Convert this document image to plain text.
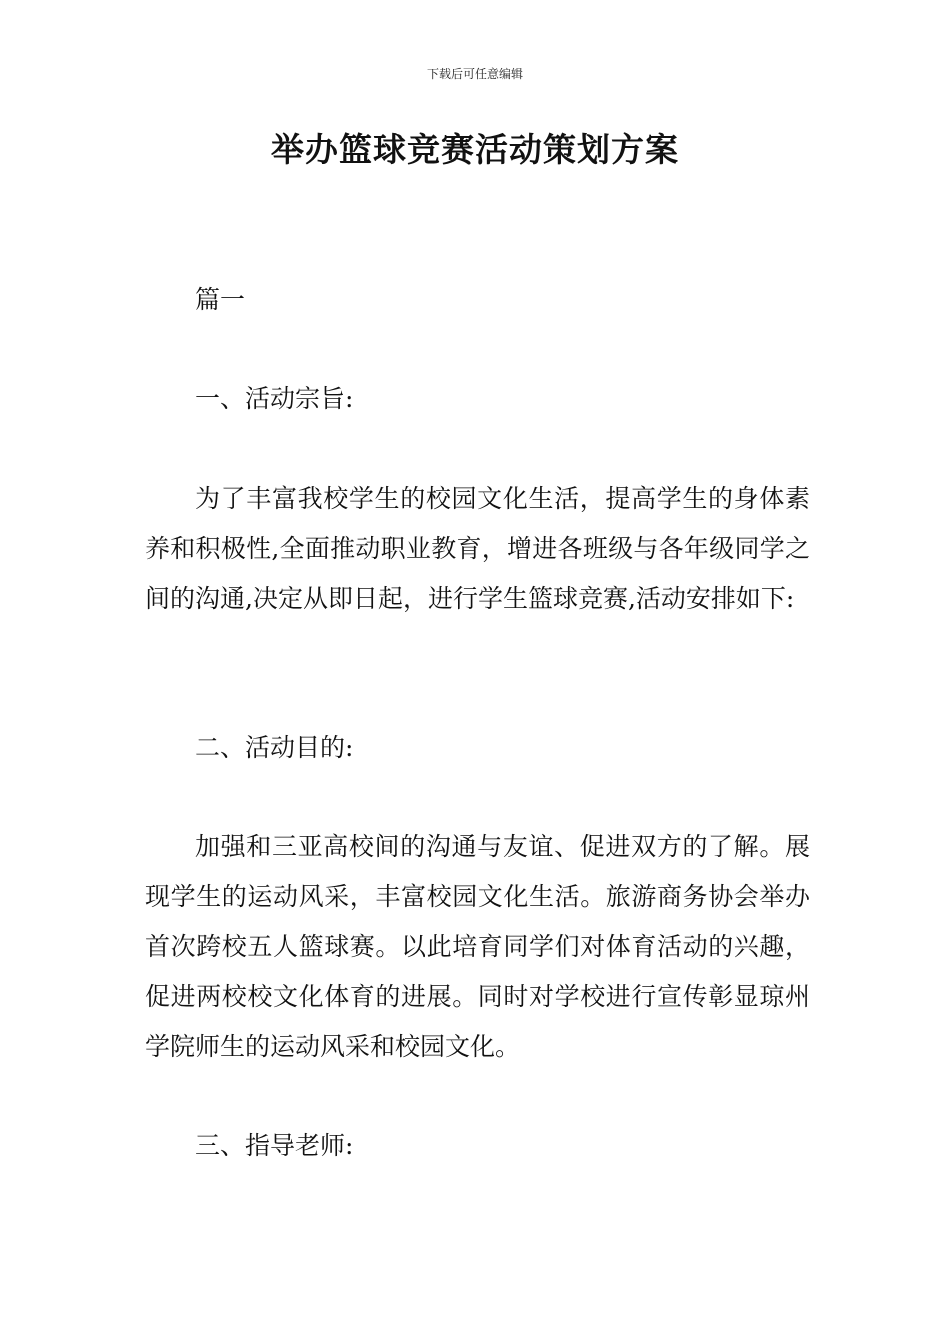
下载后可任意编辑
举办篮球竞赛活动策划方案
篇一
一、活动宗旨:
为了丰富我校学生的校园文化生活，提高学生的身体素养和积极性,全面推动职业教育，增进各班级与各年级同学之间的沟通,决定从即日起，进行学生篮球竞赛,活动安排如下:
二、活动目的:
加强和三亚高校间的沟通与友谊、促进双方的了解。展现学生的运动风采，丰富校园文化生活。旅游商务协会举办首次跨校五人篮球赛。以此培育同学们对体育活动的兴趣，促进两校校文化体育的进展。同时对学校进行宣传彰显琼州学院师生的运动风采和校园文化。
三、指导老师:
